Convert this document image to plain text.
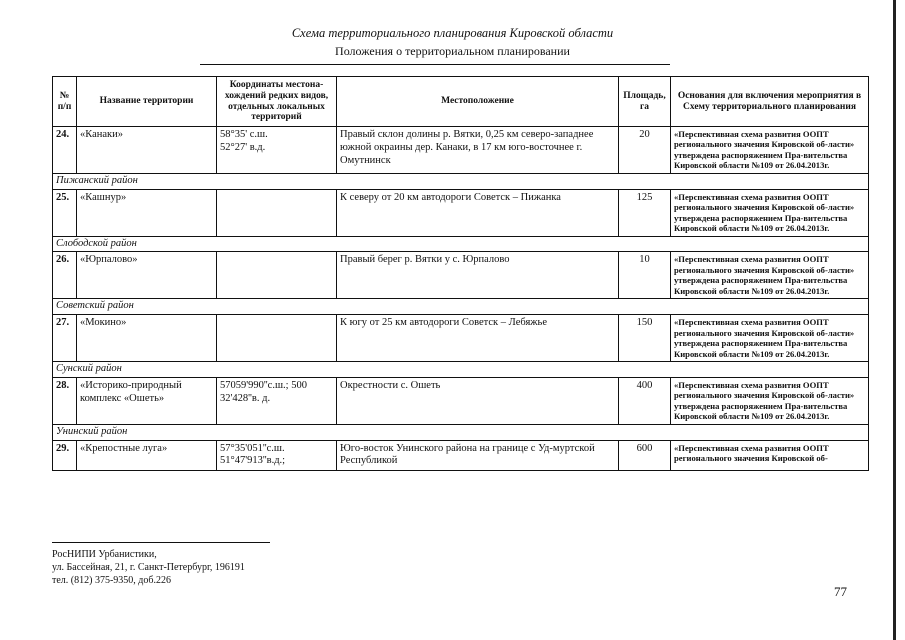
Схема территориального планирования Кировской области
Положения о территориальном планировании
№ п/п	Название территории	Координаты местона-хождений редких видов, отдельных локальных территорий	Местоположение	Площадь, га	Основания для включения мероприятия в Схему территориального планирования
24.	«Канаки»	58°35' с.ш.
52°27' в.д.	Правый склон долины р. Вятки, 0,25 км северо-западнее южной окраины дер. Канаки, в 17 км юго-восточнее г. Омутнинск	20	«Перспективная схема развития ООПТ регионального значения Кировской об-ласти» утверждена распоряжением Пра-вительства Кировской области №109 от 26.04.2013г.
Пижанский район					
25.	«Кашнур»		К северу от 20 км автодороги Советск – Пижанка	125	«Перспективная схема развития ООПТ регионального значения Кировской об-ласти» утверждена распоряжением Пра-вительства Кировской области №109 от 26.04.2013г.
Слободской район					
26.	«Юрпалово»		Правый берег р. Вятки у с. Юрпалово	10	«Перспективная схема развития ООПТ регионального значения Кировской об-ласти» утверждена распоряжением Пра-вительства Кировской области №109 от 26.04.2013г.
Советский район					
27.	«Мокино»		К югу от 25 км автодороги Советск – Лебяжье	150	«Перспективная схема развития ООПТ регионального значения Кировской об-ласти» утверждена распоряжением Пра-вительства Кировской области №109 от 26.04.2013г.
Сунский район					
28.	«Историко-природный комплекс «Ошеть»	57059'990''с.ш.; 500 32'428''в. д.	Окрестности с. Ошеть	400	«Перспективная схема развития ООПТ регионального значения Кировской об-ласти» утверждена распоряжением Пра-вительства Кировской области №109 от 26.04.2013г.
Унинский район					
29.	«Крепостные луга»	57°35'051''с.ш.
51°47'913''в.д.;	Юго-восток Унинского района на границе с Уд-муртской Республикой	600	«Перспективная схема развития ООПТ регионального значения Кировской об-
РосНИПИ Урбанистики,
ул. Бассейная, 21, г. Санкт-Петербург, 196191
тел. (812) 375-9350, доб.226
77
